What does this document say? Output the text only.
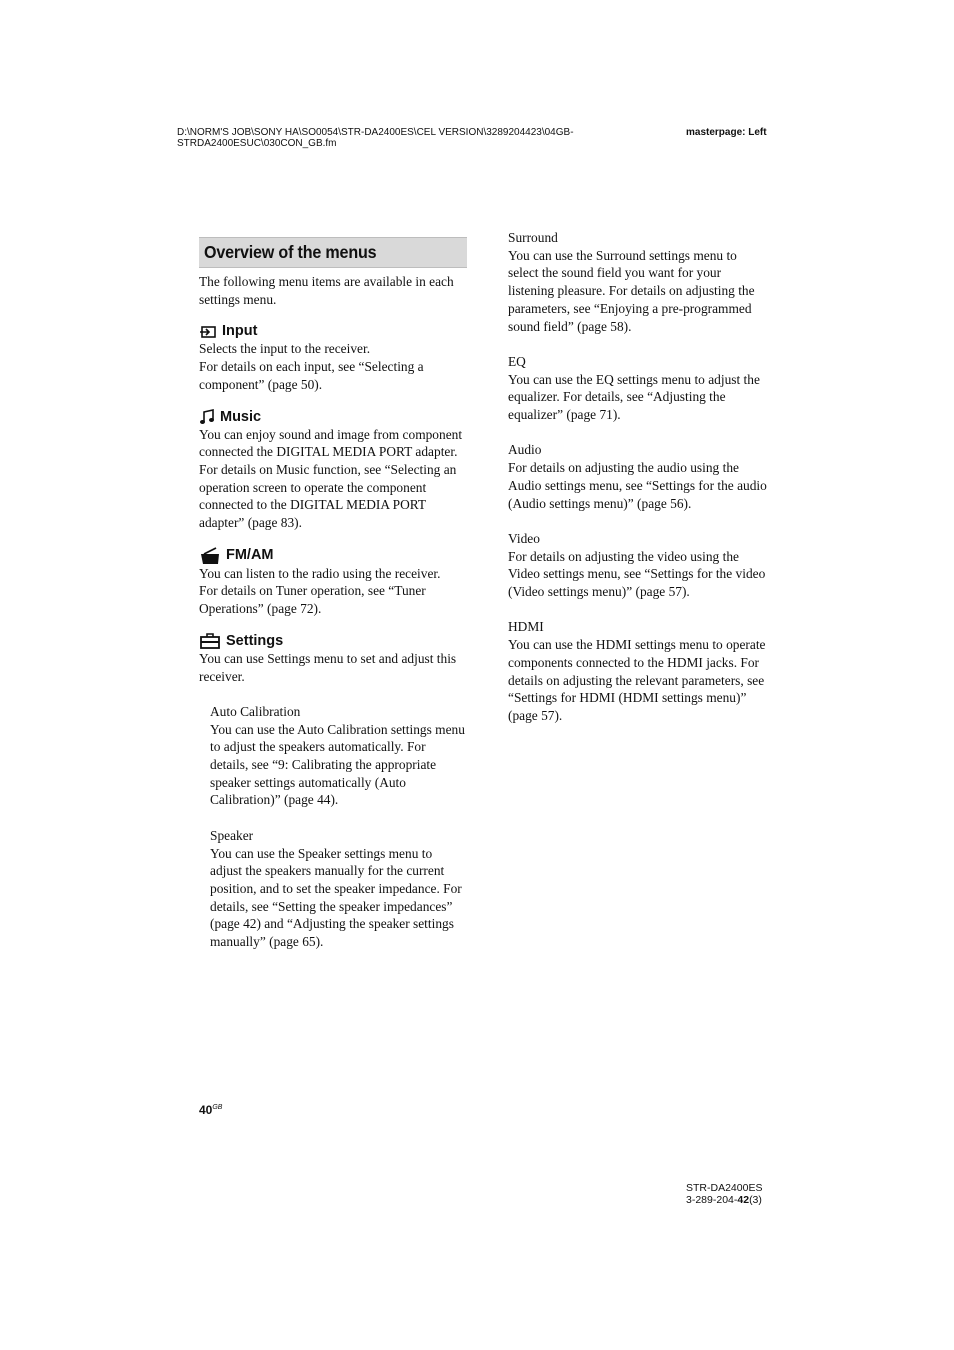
D:\NORM'S JOB\SONY HA\SO0054\STR-DA2400ES\CEL VERSION\3289204423\04GB-
STRDA2400ESUC\030CON_GB.fm
masterpage: Left
Overview of the menus

The following menu items are available in each settings menu.

Input

Selects the input to the receiver.

For details on each input, see “Selecting a component” (page 50).

Music

You can enjoy sound and image from component connected the DIGITAL MEDIA PORT adapter.

For details on Music function, see “Selecting an operation screen to operate the component connected to the DIGITAL MEDIA PORT adapter” (page 83).

FM/AM

You can listen to the radio using the receiver.

For details on Tuner operation, see “Tuner Operations” (page 72).

Settings

You can use Settings menu to set and adjust this receiver.

Auto Calibration

You can use the Auto Calibration settings menu to adjust the speakers automatically. For details, see “9: Calibrating the appropriate speaker settings automatically (Auto Calibration)” (page 44).

Speaker

You can use the Speaker settings menu to adjust the speakers manually for the current position, and to set the speaker impedance. For details, see “Setting the speaker impedances” (page 42) and “Adjusting the speaker settings manually” (page 65).

Surround

You can use the Surround settings menu to select the sound field you want for your listening pleasure. For details on adjusting the parameters, see “Enjoying a pre-programmed sound field” (page 58).

EQ

You can use the EQ settings menu to adjust the equalizer. For details, see “Adjusting the equalizer” (page 71).

Audio

For details on adjusting the audio using the Audio settings menu, see “Settings for the audio (Audio settings menu)” (page 56).

Video

For details on adjusting the video using the Video settings menu, see “Settings for the video (Video settings menu)” (page 57).

HDMI

You can use the HDMI settings menu to operate components connected to the HDMI jacks. For details on adjusting the relevant parameters, see “Settings for HDMI (HDMI settings menu)” (page 57).

$40^{GB}$
STR-DA2400ES
3-289-204-42(3)
